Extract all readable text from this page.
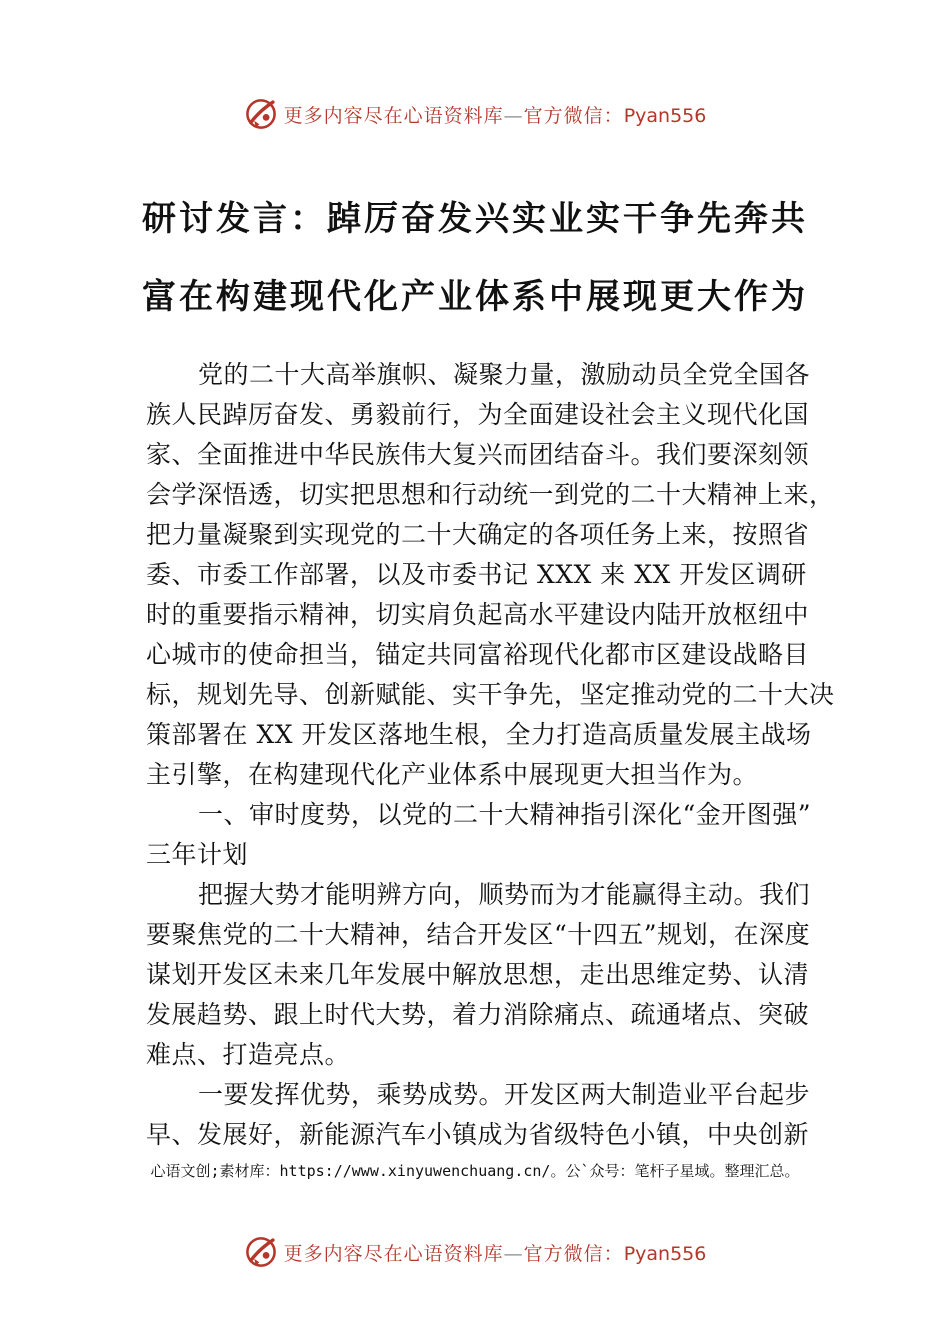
更多内容尽在心语资料库—官方微信：Pyan556
研讨发言：踔厉奋发兴实业实干争先奔共
富在构建现代化产业体系中展现更大作为
党的二十大高举旗帜、凝聚力量，激励动员全党全国各
族人民踔厉奋发、勇毅前行，为全面建设社会主义现代化国
家、全面推进中华民族伟大复兴而团结奋斗。我们要深刻领
会学深悟透，切实把思想和行动统一到党的二十大精神上来，
把力量凝聚到实现党的二十大确定的各项任务上来，按照省
委、市委工作部署，以及市委书记 XXX 来 XX 开发区调研
时的重要指示精神，切实肩负起高水平建设内陆开放枢纽中
心城市的使命担当，锚定共同富裕现代化都市区建设战略目
标，规划先导、创新赋能、实干争先，坚定推动党的二十大决
策部署在 XX 开发区落地生根，全力打造高质量发展主战场
主引擎，在构建现代化产业体系中展现更大担当作为。
一、审时度势，以党的二十大精神指引深化“金开图强”
三年计划
把握大势才能明辨方向，顺势而为才能赢得主动。我们
要聚焦党的二十大精神，结合开发区“十四五”规划，在深度
谋划开发区未来几年发展中解放思想，走出思维定势、认清
发展趋势、跟上时代大势，着力消除痛点、疏通堵点、突破
难点、打造亮点。
一要发挥优势，乘势成势。开发区两大制造业平台起步
早、发展好，新能源汽车小镇成为省级特色小镇，中央创新
心语文创;素材库：https://www.xinyuwenchuang.cn/。公`众号：笔杆子星域。整理汇总。
更多内容尽在心语资料库—官方微信：Pyan556
